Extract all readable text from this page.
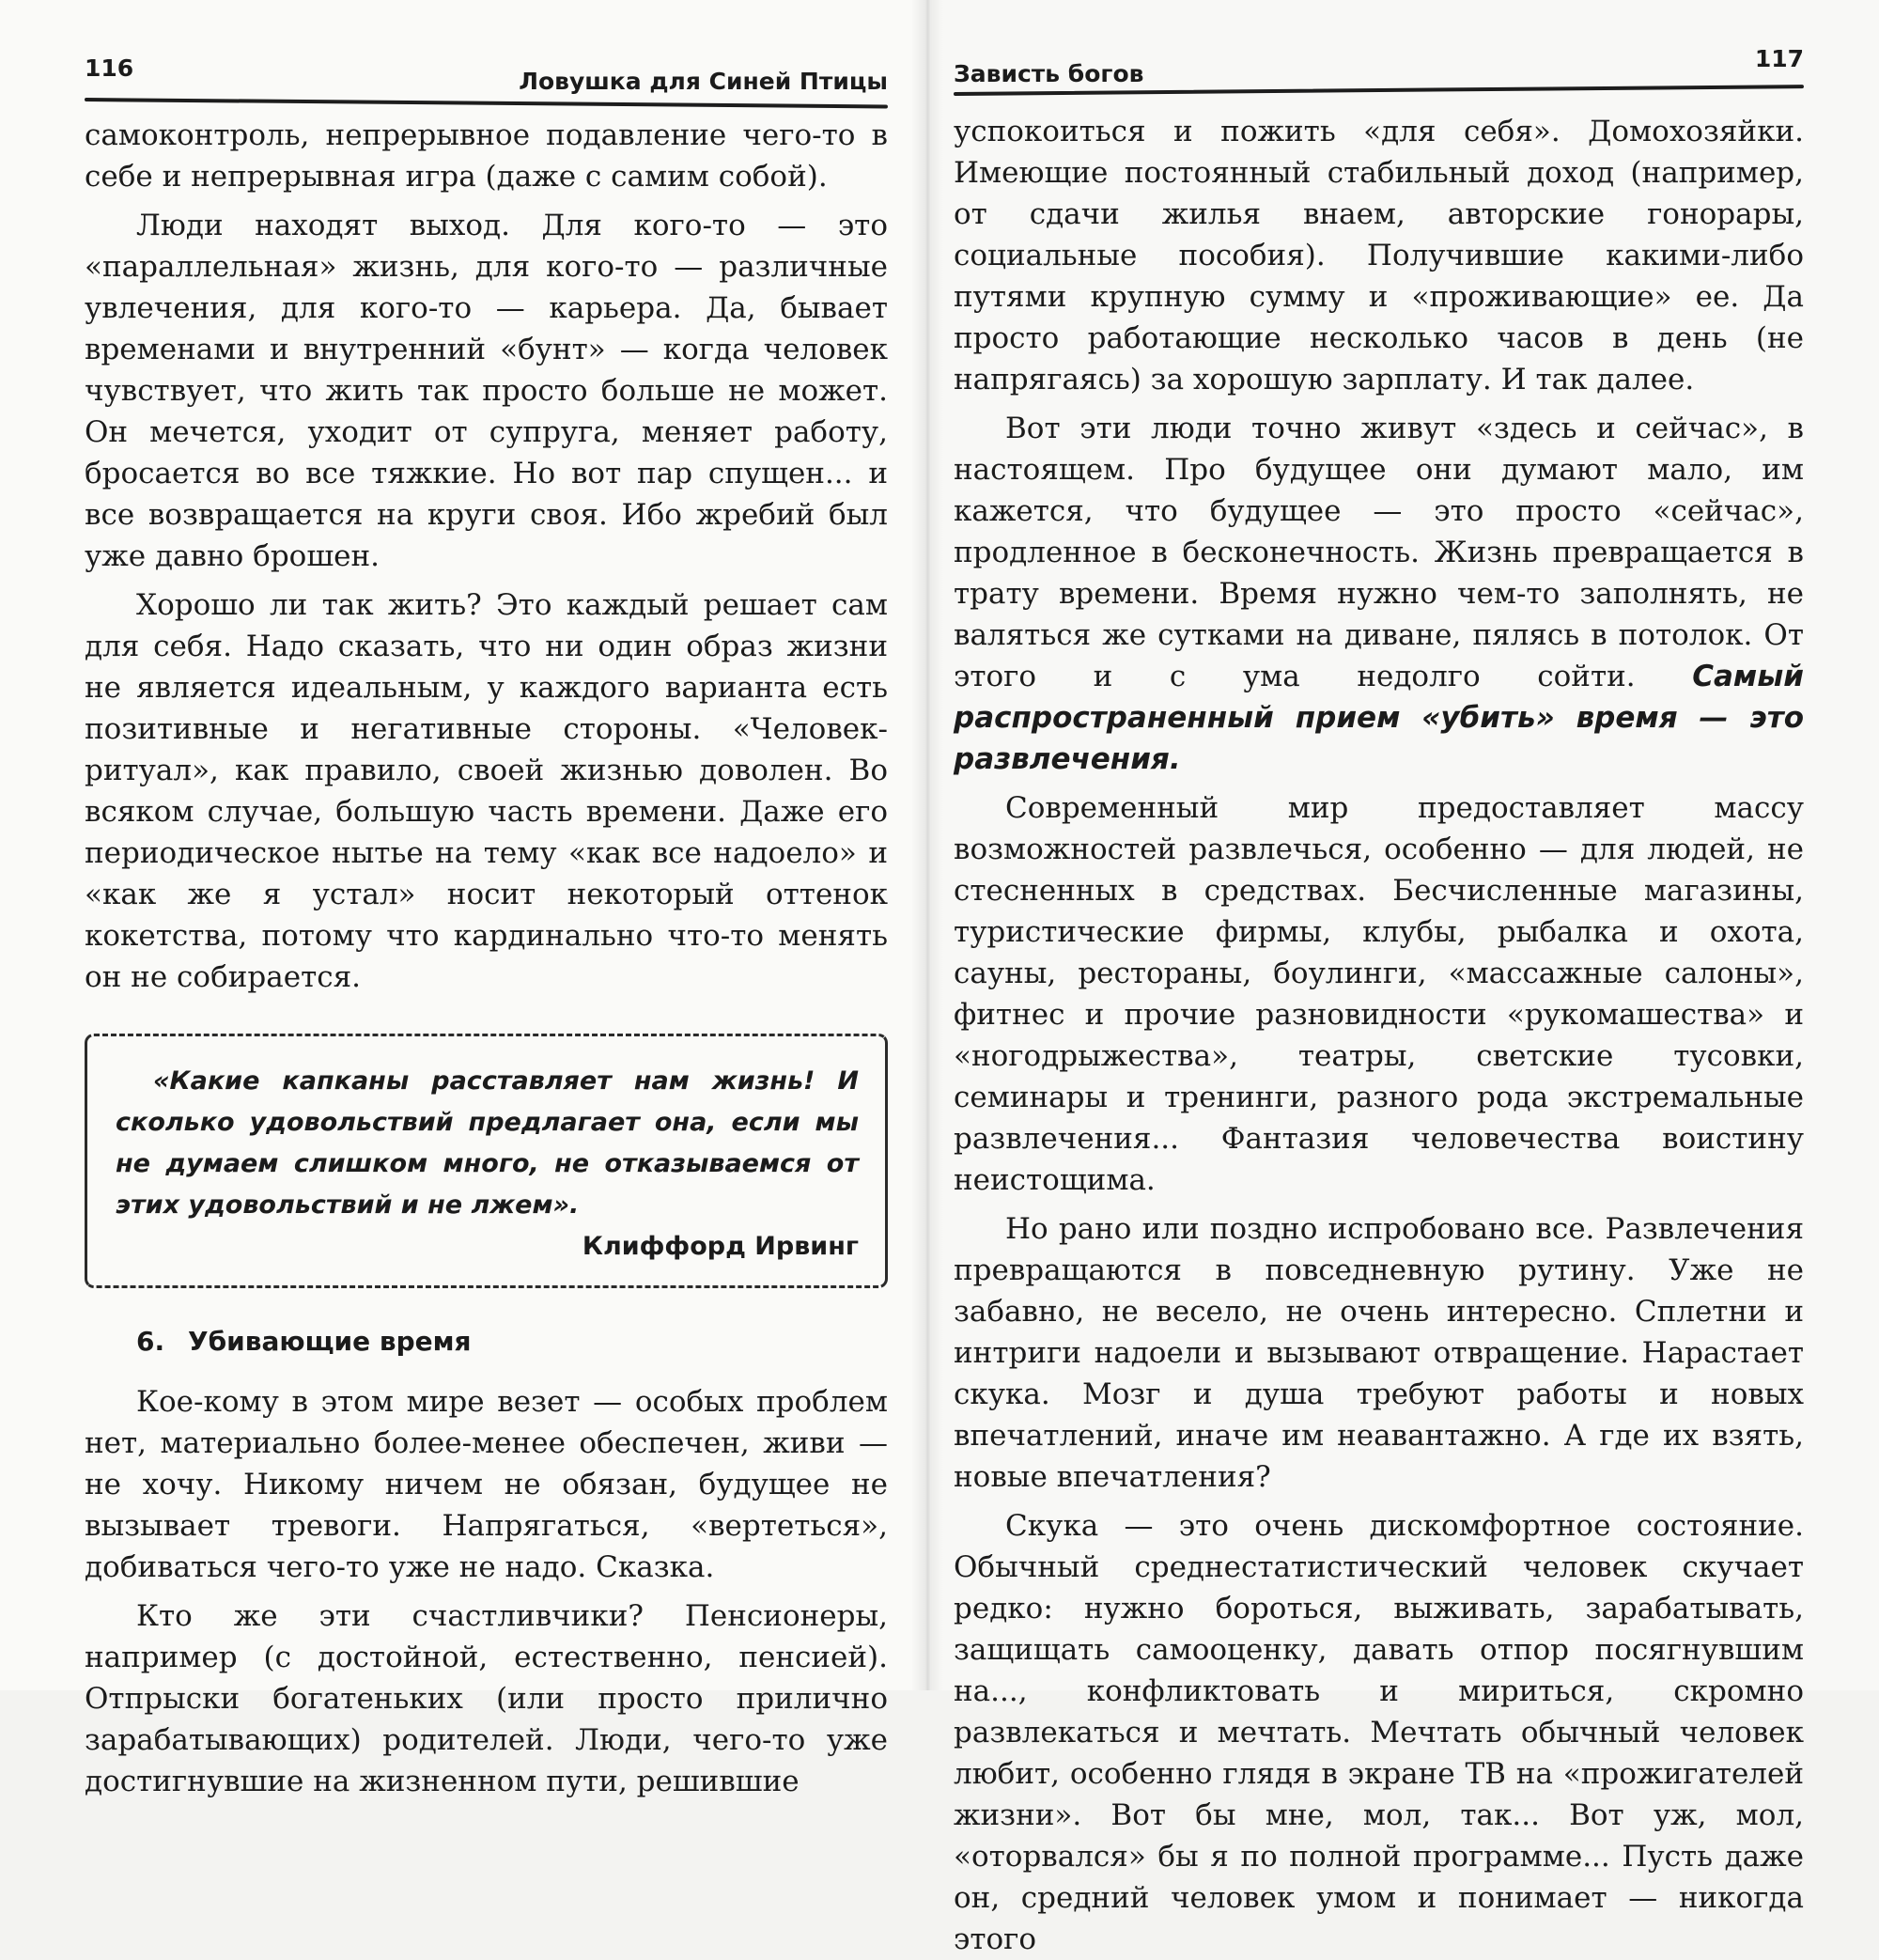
116	Ловушка для Синей Птицы

самоконтроль, непрерывное подавление чего-то в себе и непрерывная игра (даже с самим собой).

Люди находят выход. Для кого-то — это «параллельная» жизнь, для кого-то — различные увлечения, для кого-то — карьера. Да, бывает временами и внутренний «бунт» — когда человек чувствует, что жить так просто больше не может. Он мечется, уходит от супруга, меняет работу, бросается во все тяжкие. Но вот пар спущен... и все возвращается на круги своя. Ибо жребий был уже давно брошен.

Хорошо ли так жить? Это каждый решает сам для себя. Надо сказать, что ни один образ жизни не является идеальным, у каждого варианта есть позитивные и негативные стороны. «Человек-ритуал», как правило, своей жизнью доволен. Во всяком случае, большую часть времени. Даже его периодическое нытье на тему «как все надоело» и «как же я устал» носит некоторый оттенок кокетства, потому что кардинально что-то менять он не собирается.

«Какие капканы расставляет нам жизнь! И сколько удовольствий предлагает она, если мы не думаем слишком много, не отказываемся от этих удовольствий и не лжем».
Клиффорд Ирвинг
6. Убивающие время

Кое-кому в этом мире везет — особых проблем нет, материально более-менее обеспечен, живи — не хочу. Никому ничем не обязан, будущее не вызывает тревоги. Напрягаться, «вертеться», добиваться чего-то уже не надо. Сказка.

Кто же эти счастливчики? Пенсионеры, например (с достойной, естественно, пенсией). Отпрыски богатеньких (или просто прилично зарабатывающих) родителей. Люди, чего-то уже достигнувшие на жизненном пути, решившие

Зависть богов
117

успокоиться и пожить «для себя». Домохозяйки. Имеющие постоянный стабильный доход (например, от сдачи жилья внаем, авторские гонорары, социальные пособия). Получившие какими-либо путями крупную сумму и «проживающие» ее. Да просто работающие несколько часов в день (не напрягаясь) за хорошую зарплату. И так далее.

Вот эти люди точно живут «здесь и сейчас», в настоящем. Про будущее они думают мало, им кажется, что будущее — это просто «сейчас», продленное в бесконечность. Жизнь превращается в трату времени. Время нужно чем-то заполнять, не валяться же сутками на диване, пялясь в потолок. От этого и с ума недолго сойти. Самый распространенный прием «убить» время — это развлечения.

Современный мир предоставляет массу возможностей развлечься, особенно — для людей, не стесненных в средствах. Бесчисленные магазины, туристические фирмы, клубы, рыбалка и охота, сауны, рестораны, боулинги, «массажные салоны», фитнес и прочие разновидности «рукомашества» и «ногодрыжества», театры, светские тусовки, семинары и тренинги, разного рода экстремальные развлечения... Фантазия человечества воистину неистощима.

Но рано или поздно испробовано все. Развлечения превращаются в повседневную рутину. Уже не забавно, не весело, не очень интересно. Сплетни и интриги надоели и вызывают отвращение. Нарастает скука. Мозг и душа требуют работы и новых впечатлений, иначе им неавантажно. А где их взять, новые впечатления?

Скука — это очень дискомфортное состояние. Обычный среднестатистический человек скучает редко: нужно бороться, выживать, зарабатывать, защищать самооценку, давать отпор посягнувшим на..., конфликтовать и мириться, скромно развлекаться и мечтать. Мечтать обычный человек любит, особенно глядя в экране ТВ на «прожигателей жизни». Вот бы мне, мол, так... Вот уж, мол, «оторвался» бы я по полной программе... Пусть даже он, средний человек умом и понимает — никогда этого
